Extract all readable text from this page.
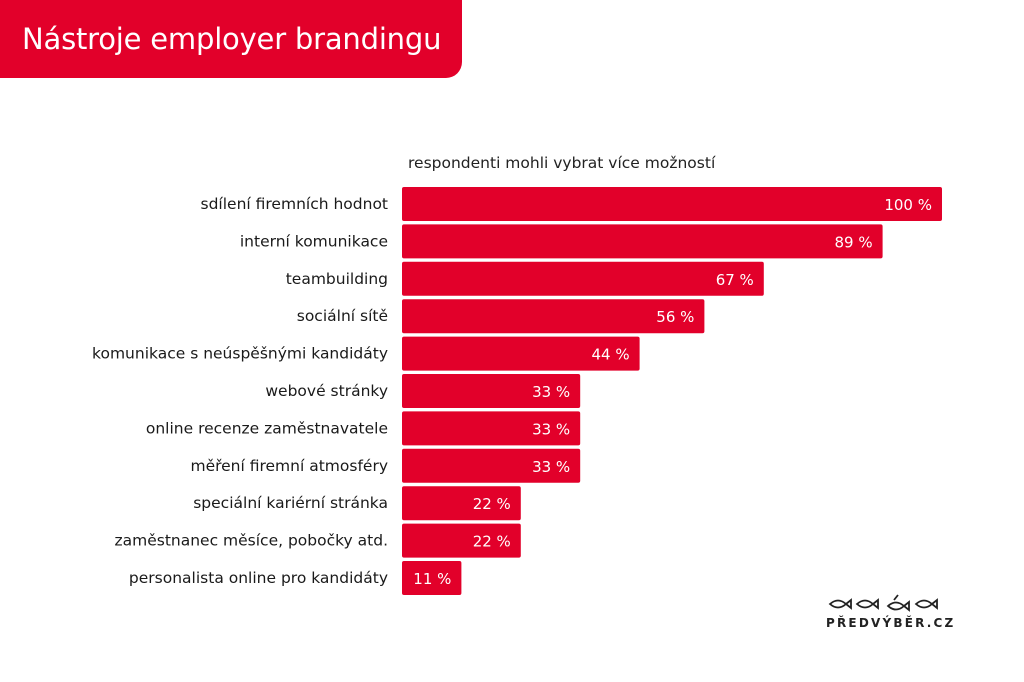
Nástroje employer brandingu
respondenti mohli vybrat více možností
sdílení firemních hodnot	100 %
interní komunikace	89 %
teambuilding	67 %
sociální sítě	56 %
komunikace s neúspěšnými kandidáty	44 %
webové stránky	33 %
online recenze zaměstnavatele	33 %
měření firemní atmosféry	33 %
speciální kariérní stránka	22 %
zaměstnanec měsíce, pobočky atd.	22 %
personalista online pro kandidáty 11 %
PŘEDVÝBĚR.CZ
